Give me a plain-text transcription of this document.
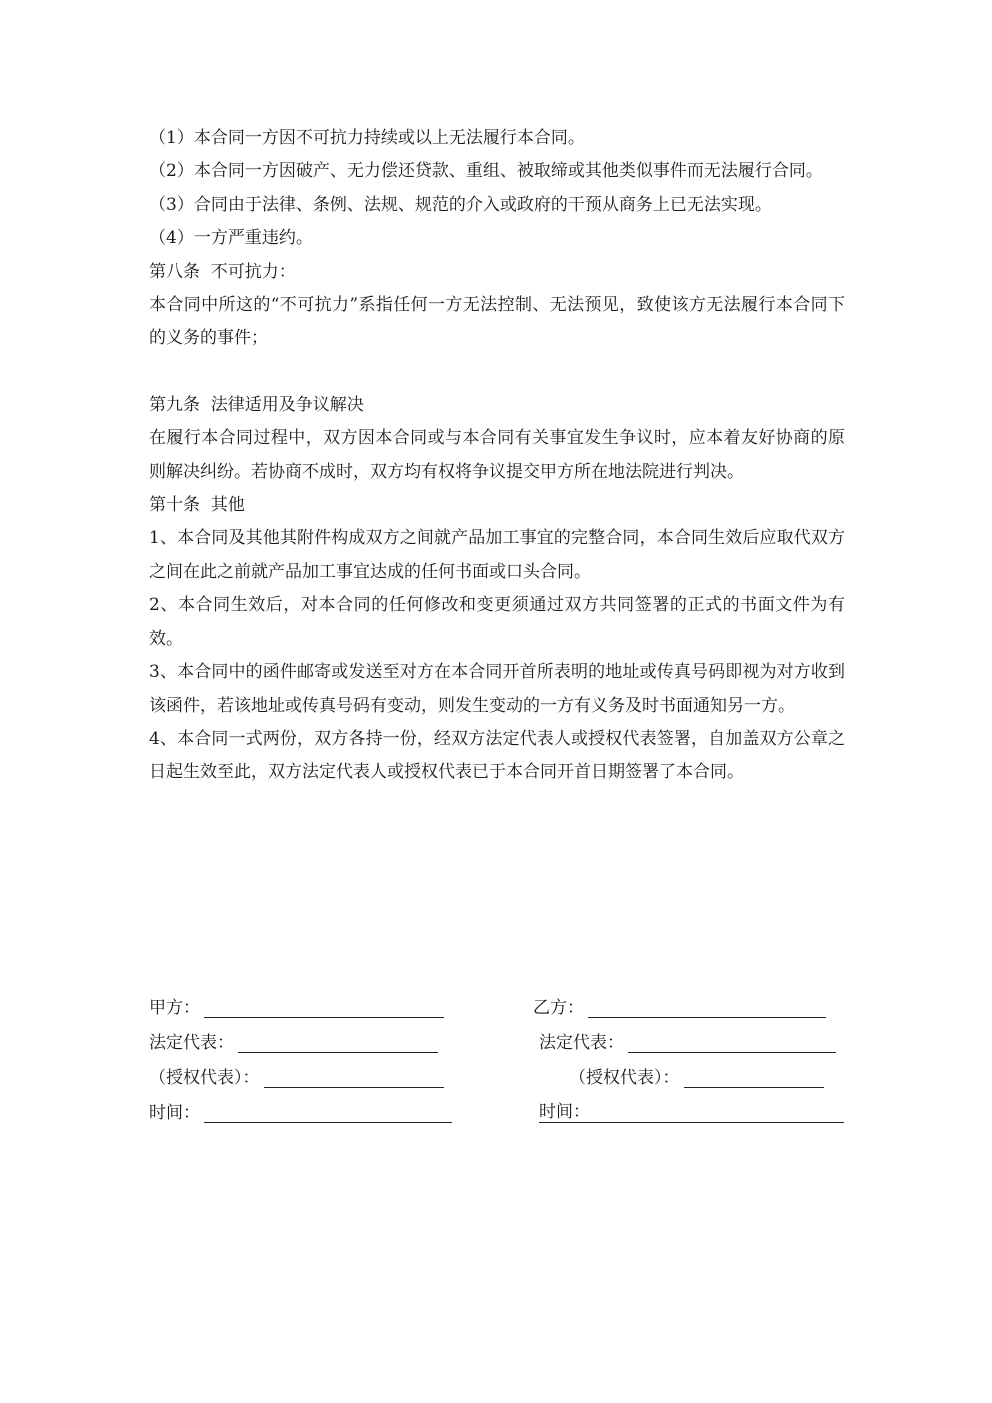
（1）本合同一方因不可抗力持续或以上无法履行本合同。
（2）本合同一方因破产、无力偿还贷款、重组、被取缔或其他类似事件而无法履行合同。
（3）合同由于法律、条例、法规、规范的介入或政府的干预从商务上已无法实现。
（4）一方严重违约。
第八条  不可抗力：
本合同中所这的“不可抗力”系指任何一方无法控制、无法预见，致使该方无法履行本合同下的义务的事件；
第九条  法律适用及争议解决
在履行本合同过程中，双方因本合同或与本合同有关事宜发生争议时，应本着友好协商的原则解决纠纷。若协商不成时，双方均有权将争议提交甲方所在地法院进行判决。
第十条  其他
1、本合同及其他其附件构成双方之间就产品加工事宜的完整合同，本合同生效后应取代双方之间在此之前就产品加工事宜达成的任何书面或口头合同。
2、本合同生效后，对本合同的任何修改和变更须通过双方共同签署的正式的书面文件为有效。
3、本合同中的函件邮寄或发送至对方在本合同开首所表明的地址或传真号码即视为对方收到该函件，若该地址或传真号码有变动，则发生变动的一方有义务及时书面通知另一方。
4、本合同一式两份，双方各持一份，经双方法定代表人或授权代表签署，自加盖双方公章之日起生效至此，双方法定代表人或授权代表已于本合同开首日期签署了本合同。
甲方：	乙方：
法定代表：	法定代表：
（授权代表）：	（授权代表）：
时间：	时间：
